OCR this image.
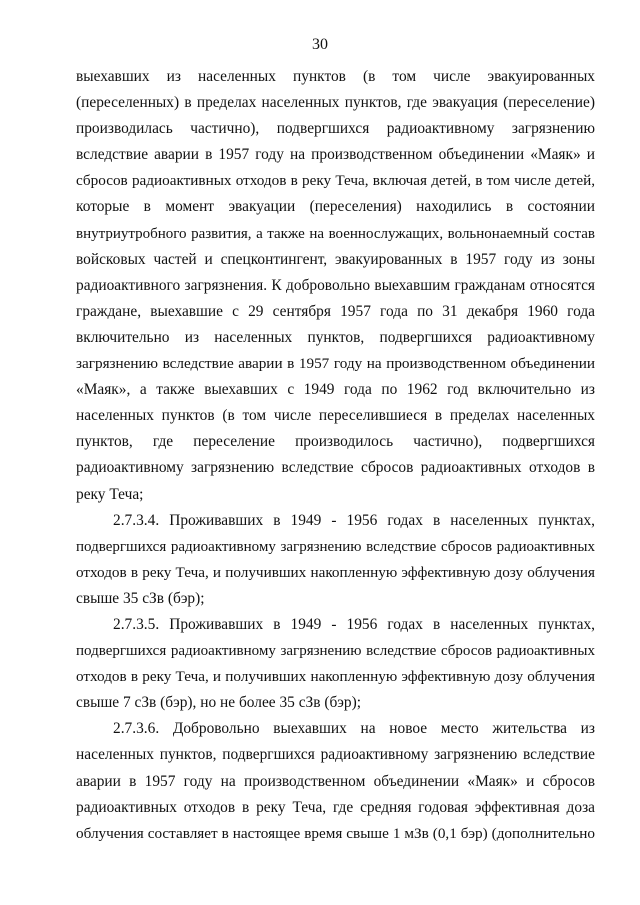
30
выехавших из населенных пунктов (в том числе эвакуированных
(переселенных) в пределах населенных пунктов, где эвакуация (переселение)
производилась частично), подвергшихся радиоактивному загрязнению
вследствие аварии в 1957 году на производственном объединении «Маяк» и
сбросов радиоактивных отходов в реку Теча, включая детей, в том числе детей,
которые в момент эвакуации (переселения) находились в состоянии
внутриутробного развития, а также на военнослужащих, вольнонаемный состав
войсковых частей и спецконтингент, эвакуированных в 1957 году из зоны
радиоактивного загрязнения. К добровольно выехавшим гражданам относятся
граждане, выехавшие с 29 сентября 1957 года по 31 декабря 1960 года
включительно из населенных пунктов, подвергшихся радиоактивному
загрязнению вследствие аварии в 1957 году на производственном объединении
«Маяк», а также выехавших с 1949 года по 1962 год включительно из
населенных пунктов (в том числе переселившиеся в пределах населенных
пунктов, где переселение производилось частично), подвергшихся
радиоактивному загрязнению вследствие сбросов радиоактивных отходов в
реку Теча;
2.7.3.4. Проживавших в 1949 - 1956 годах в населенных пунктах,
подвергшихся радиоактивному загрязнению вследствие сбросов радиоактивных
отходов в реку Теча, и получивших накопленную эффективную дозу облучения
свыше 35 сЗв (бэр);
2.7.3.5. Проживавших в 1949 - 1956 годах в населенных пунктах,
подвергшихся радиоактивному загрязнению вследствие сбросов радиоактивных
отходов в реку Теча, и получивших накопленную эффективную дозу облучения
свыше 7 сЗв (бэр), но не более 35 сЗв (бэр);
2.7.3.6. Добровольно выехавших на новое место жительства из
населенных пунктов, подвергшихся радиоактивному загрязнению вследствие
аварии в 1957 году на производственном объединении «Маяк» и сбросов
радиоактивных отходов в реку Теча, где средняя годовая эффективная доза
облучения составляет в настоящее время свыше 1 мЗв (0,1 бэр) (дополнительно
